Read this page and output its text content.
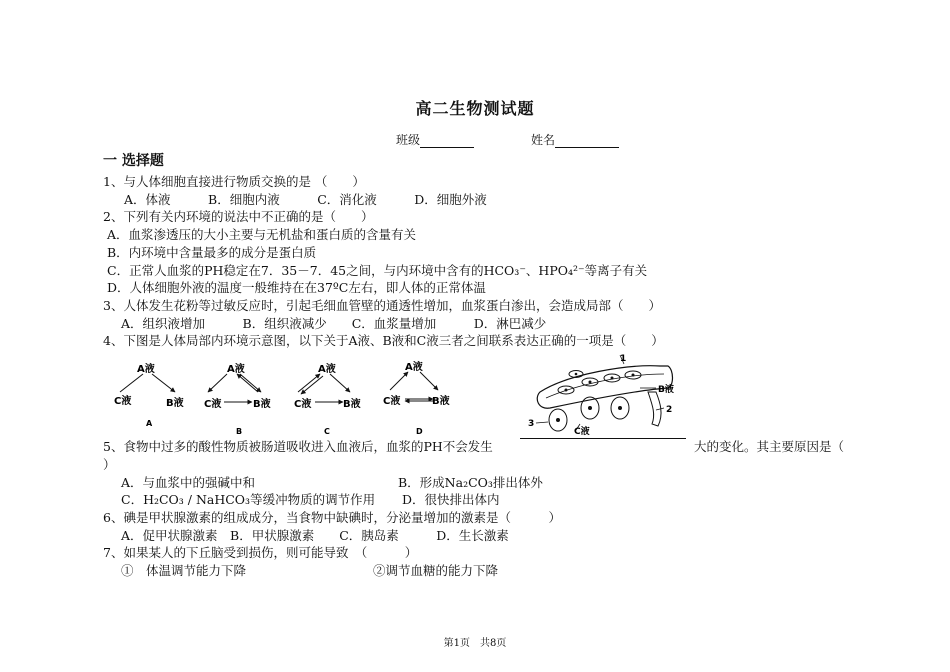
高二生物测试题
班级	姓名
一 选择题
1、与人体细胞直接进行物质交换的是 （　　）
A．体液　　　B．细胞内液　　　C．消化液　　　D．细胞外液
2、下列有关内环境的说法中不正确的是（　　）
A．血浆渗透压的大小主要与无机盐和蛋白质的含量有关
B．内环境中含量最多的成分是蛋白质
C．正常人血浆的PH稳定在7．35－7．45之间，与内环境中含有的HCO₃⁻、HPO₄²⁻等离子有关
D．人体细胞外液的温度一般维持在在37ºC左右，即人体的正常体温
3、人体发生花粉等过敏反应时，引起毛细血管壁的通透性增加，血浆蛋白渗出，会造成局部（　　）
A．组织液增加　　　B．组织液减少　　C．血浆量增加　　　D．淋巴减少
4、下图是人体局部内环境示意图，以下关于A液、B液和C液三者之间联系表达正确的一项是（　　）
A液
C液	B液
A
A液
C液	B液
B
A液
C液	B液
C
A液
C液	B液
D
1
B液
2
3
C液
5、食物中过多的酸性物质被肠道吸收进入血液后，血浆的PH不会发生	大的变化。其主要原因是（
）
A．与血浆中的强碱中和	B．形成Na₂CO₃排出体外
C．H₂CO₃ / NaHCO₃等缓冲物质的调节作用 D．很快排出体内
6、碘是甲状腺激素的组成成分，当食物中缺碘时，分泌量增加的激素是（　　　）
A．促甲状腺激素　B．甲状腺激素　　C．胰岛素　　　D．生长激素
7、如果某人的下丘脑受到损伤，则可能导致　（　　　）
①　体温调节能力下降	②调节血糖的能力下降
第1页　共8页
